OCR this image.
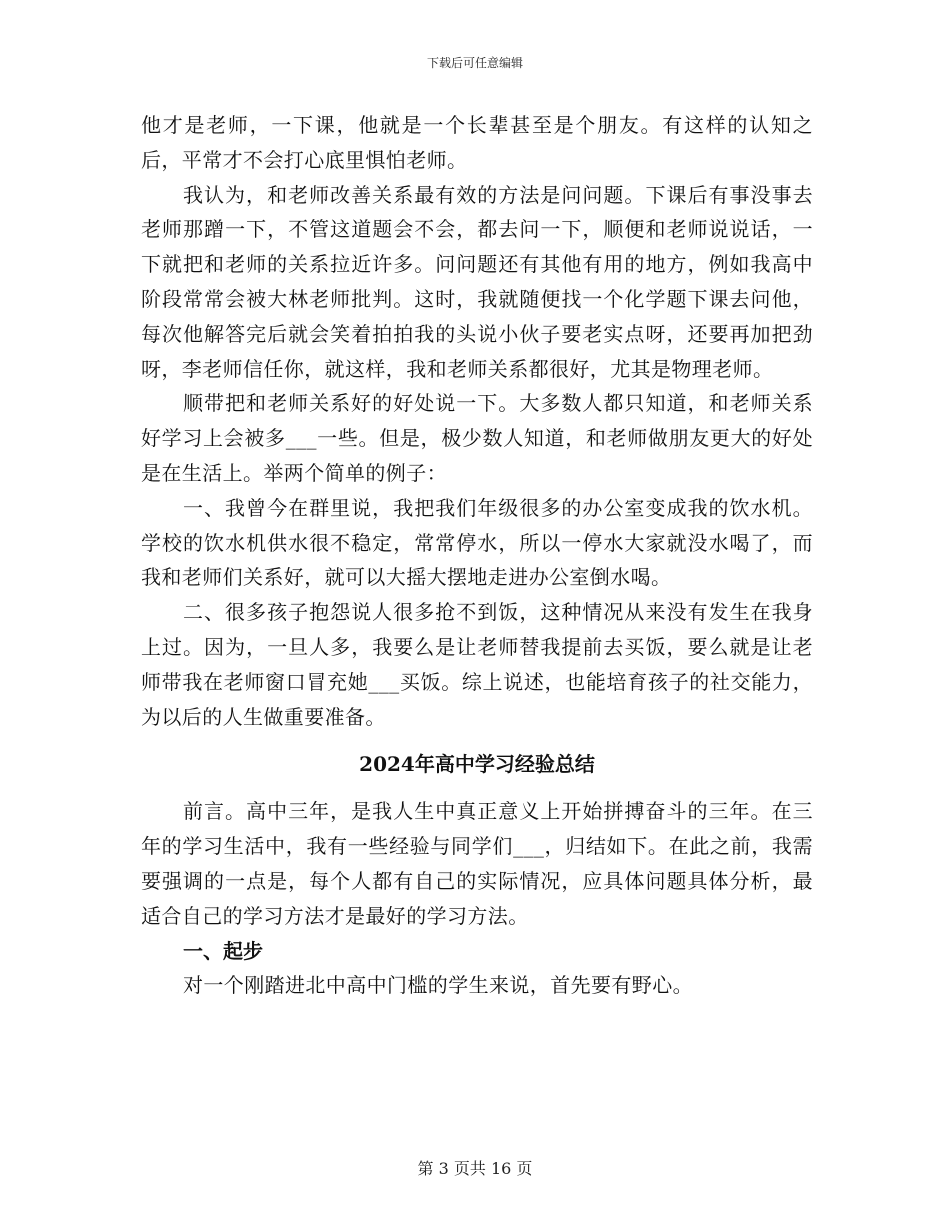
下载后可任意编辑

他才是老师，一下课，他就是一个长辈甚至是个朋友。有这样的认知之后，平常才不会打心底里惧怕老师。

我认为，和老师改善关系最有效的方法是问问题。下课后有事没事去老师那蹭一下，不管这道题会不会，都去问一下，顺便和老师说说话，一下就把和老师的关系拉近许多。问问题还有其他有用的地方，例如我高中阶段常常会被大林老师批判。这时，我就随便找一个化学题下课去问他，每次他解答完后就会笑着拍拍我的头说小伙子要老实点呀，还要再加把劲呀，李老师信任你，就这样，我和老师关系都很好，尤其是物理老师。

顺带把和老师关系好的好处说一下。大多数人都只知道，和老师关系好学习上会被多___一些。但是，极少数人知道，和老师做朋友更大的好处是在生活上。举两个简单的例子：

一、我曾今在群里说，我把我们年级很多的办公室变成我的饮水机。学校的饮水机供水很不稳定，常常停水，所以一停水大家就没水喝了，而我和老师们关系好，就可以大摇大摆地走进办公室倒水喝。

二、很多孩子抱怨说人很多抢不到饭，这种情况从来没有发生在我身上过。因为，一旦人多，我要么是让老师替我提前去买饭，要么就是让老师带我在老师窗口冒充她___买饭。综上说述，也能培育孩子的社交能力，为以后的人生做重要准备。

2024年高中学习经验总结

前言。高中三年，是我人生中真正意义上开始拼搏奋斗的三年。在三年的学习生活中，我有一些经验与同学们___，归结如下。在此之前，我需要强调的一点是，每个人都有自己的实际情况，应具体问题具体分析，最适合自己的学习方法才是最好的学习方法。

一、起步

对一个刚踏进北中高中门槛的学生来说，首先要有野心。

第 3 页共 16 页
